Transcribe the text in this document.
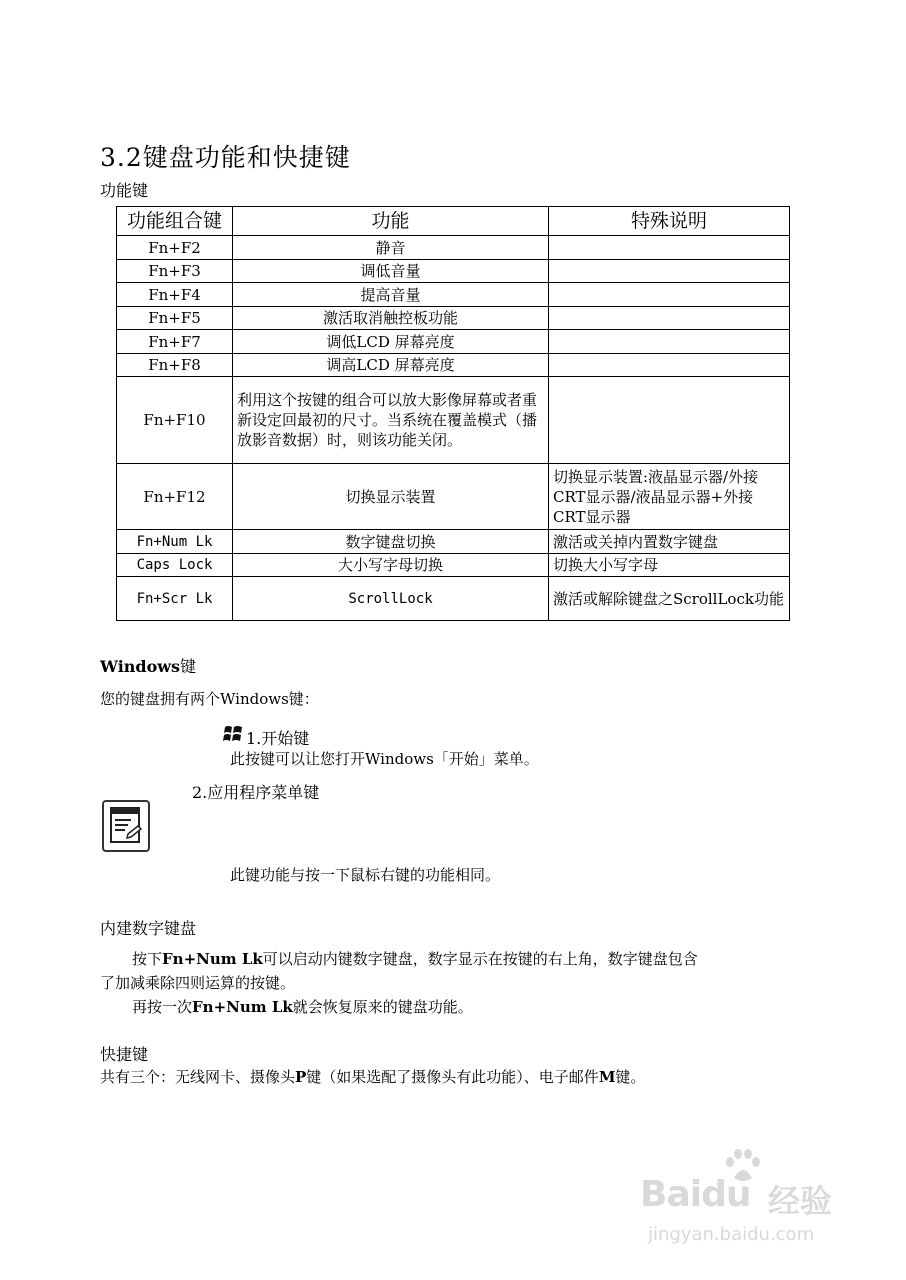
3.2键盘功能和快捷键
功能键
功能组合键	功能	特殊说明
Fn+F2	静音	
Fn+F3	调低音量	
Fn+F4	提高音量	
Fn+F5	激活取消触控板功能	
Fn+F7	调低LCD 屏幕亮度	
Fn+F8	调高LCD 屏幕亮度	
Fn+F10	利用这个按键的组合可以放大影像屏幕或者重新设定回最初的尺寸。当系统在覆盖模式（播放影音数据）时，则该功能关闭。	
Fn+F12	切换显示装置	切换显示装置:液晶显示器/外接CRT显示器/液晶显示器+外接CRT显示器
Fn+Num Lk	数字键盘切换	激活或关掉内置数字键盘
Caps Lock	大小写字母切换	切换大小写字母
Fn+Scr Lk	ScrollLock	激活或解除键盘之ScrollLock功能
Windows键
您的键盘拥有两个Windows键：
1.开始键
此按键可以让您打开Windows「开始」菜单。
2.应用程序菜单键
此键功能与按一下鼠标右键的功能相同。
内建数字键盘
按下Fn+Num Lk可以启动内键数字键盘，数字显示在按键的右上角，数字键盘包含
了加减乘除四则运算的按键。
再按一次Fn+Num Lk就会恢复原来的键盘功能。
快捷键
共有三个：无线网卡、摄像头P键（如果选配了摄像头有此功能）、电子邮件M键。
Baidu 经验
jingyan.baidu.com
